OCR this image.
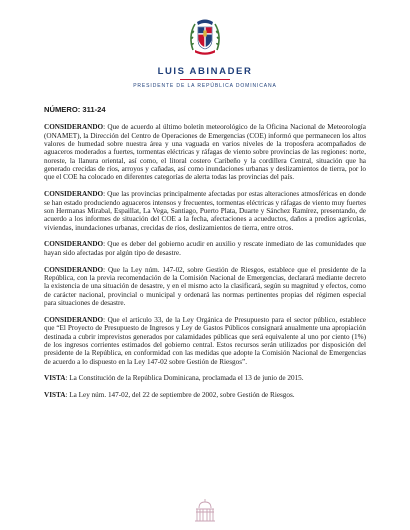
LUIS ABINADER
PRESIDENTE DE LA REPÚBLICA DOMINICANA
NÚMERO: 311-24

CONSIDERANDO: Que de acuerdo al último boletín meteorológico de la Oficina Nacional de Meteorología (ONAMET), la Dirección del Centro de Operaciones de Emergencias (COE) informó que permanecen los altos valores de humedad sobre nuestra área y una vaguada en varios niveles de la troposfera acompañados de aguaceros moderados a fuertes, tormentas eléctricas y ráfagas de viento sobre provincias de las regiones: norte, noreste, la llanura oriental, así como, el litoral costero Caribeño y la cordillera Central, situación que ha generado crecidas de ríos, arroyos y cañadas, así como inundaciones urbanas y deslizamientos de tierra, por lo que el COE ha colocado en diferentes categorías de alerta todas las provincias del país.

CONSIDERANDO: Que las provincias principalmente afectadas por estas alteraciones atmosféricas en donde se han estado produciendo aguaceros intensos y frecuentes, tormentas eléctricas y ráfagas de viento muy fuertes son Hermanas Mirabal, Espaillat, La Vega, Santiago, Puerto Plata, Duarte y Sánchez Ramírez, presentando, de acuerdo a los informes de situación del COE a la fecha, afectaciones a acueductos, daños a predios agrícolas, viviendas, inundaciones urbanas, crecidas de ríos, deslizamientos de tierra, entre otros.

CONSIDERANDO: Que es deber del gobierno acudir en auxilio y rescate inmediato de las comunidades que hayan sido afectadas por algún tipo de desastre.

CONSIDERANDO: Que la Ley núm. 147-02, sobre Gestión de Riesgos, establece que el presidente de la República, con la previa recomendación de la Comisión Nacional de Emergencias, declarará mediante decreto la existencia de una situación de desastre, y en el mismo acto la clasificará, según su magnitud y efectos, como de carácter nacional, provincial o municipal y ordenará las normas pertinentes propias del régimen especial para situaciones de desastre.

CONSIDERANDO: Que el artículo 33, de la Ley Orgánica de Presupuesto para el sector público, establece que “El Proyecto de Presupuesto de Ingresos y Ley de Gastos Públicos consignará anualmente una apropiación destinada a cubrir imprevistos generados por calamidades públicas que será equivalente al uno por ciento (1%) de los ingresos corrientes estimados del gobierno central. Estos recursos serán utilizados por disposición del presidente de la República, en conformidad con las medidas que adopte la Comisión Nacional de Emergencias de acuerdo a lo dispuesto en la Ley 147-02 sobre Gestión de Riesgos”.

VISTA: La Constitución de la República Dominicana, proclamada el 13 de junio de 2015.

VISTA: La Ley núm. 147-02, del 22 de septiembre de 2002, sobre Gestión de Riesgos.
